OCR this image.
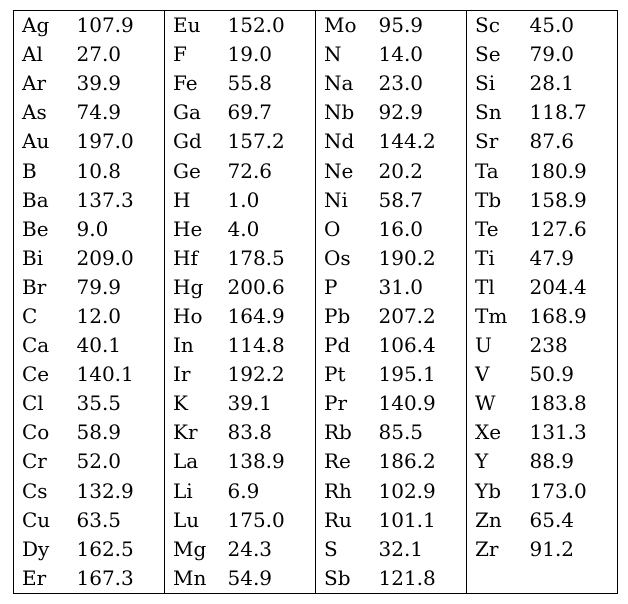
Ag	107.9	Eu	152.0	Mo	95.9	Sc	45.0
Al	27.0	F	19.0	N	14.0	Se	79.0
Ar	39.9	Fe	55.8	Na	23.0	Si	28.1
As	74.9	Ga	69.7	Nb	92.9	Sn	118.7
Au	197.0	Gd	157.2	Nd	144.2	Sr	87.6
B	10.8	Ge	72.6	Ne	20.2	Ta	180.9
Ba	137.3	H	1.0	Ni	58.7	Tb	158.9
Be	9.0	He	4.0	O	16.0	Te	127.6
Bi	209.0	Hf	178.5	Os	190.2	Ti	47.9
Br	79.9	Hg	200.6	P	31.0	Tl	204.4
C	12.0	Ho	164.9	Pb	207.2	Tm	168.9
Ca	40.1	In	114.8	Pd	106.4	U	238
Ce	140.1	Ir	192.2	Pt	195.1	V	50.9
Cl	35.5	K	39.1	Pr	140.9	W	183.8
Co	58.9	Kr	83.8	Rb	85.5	Xe	131.3
Cr	52.0	La	138.9	Re	186.2	Y	88.9
Cs	132.9	Li	6.9	Rh	102.9	Yb	173.0
Cu	63.5	Lu	175.0	Ru	101.1	Zn	65.4
Dy	162.5	Mg	24.3	S	32.1	Zr	91.2
Er	167.3	Mn	54.9	Sb	121.8		
